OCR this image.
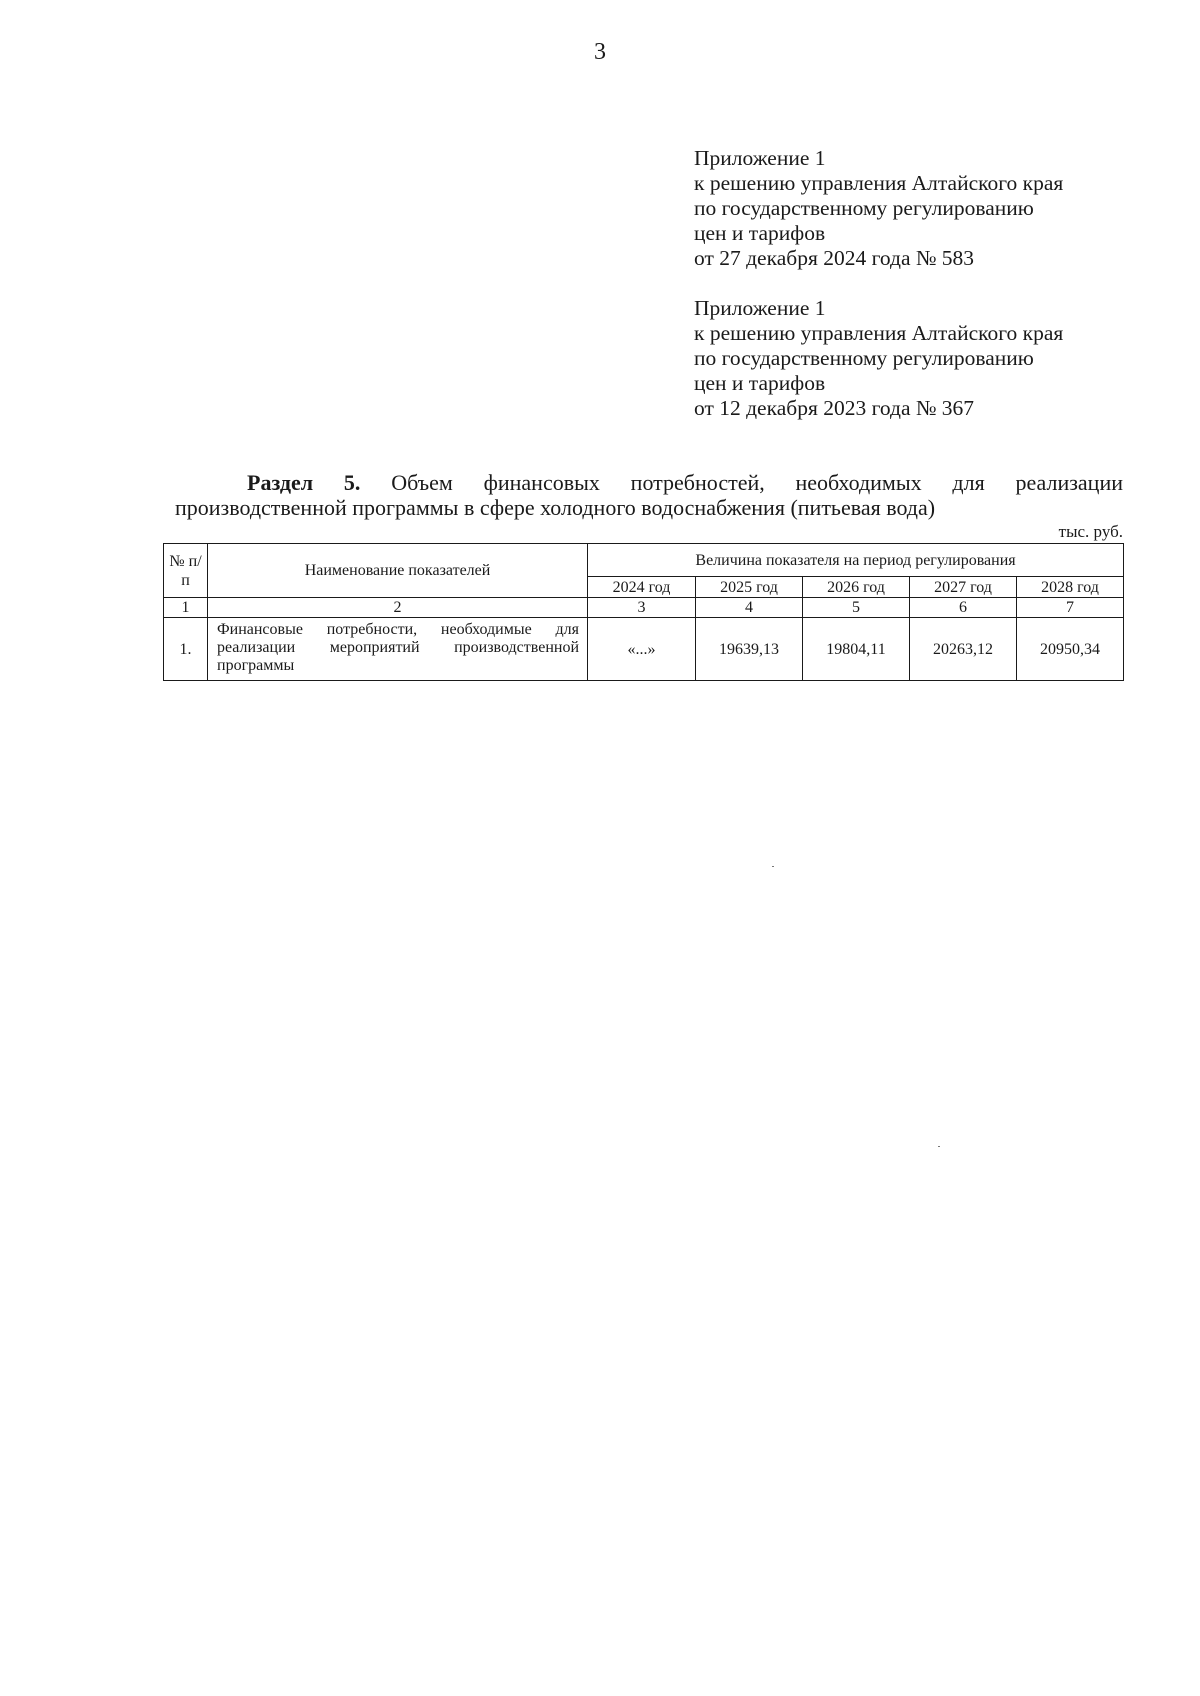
3
Приложение 1
к решению управления Алтайского края
по государственному регулированию
цен и тарифов
от 27 декабря 2024 года № 583
Приложение 1
к решению управления Алтайского края
по государственному регулированию
цен и тарифов
от 12 декабря 2023 года № 367
Раздел 5. Объем финансовых потребностей, необходимых для реализации
производственной программы в сфере холодного водоснабжения (питьевая вода)
тыс. руб.
№ п/п	Наименование показателей	Величина показателя на период регулирования				
		2024 год	2025 год	2026 год	2027 год	2028 год
1	2	3	4	5	6	7
1.	Финансовые потребности, необходимые для реализации мероприятий производственной программы	«...»	19639,13	19804,11	20263,12	20950,34
